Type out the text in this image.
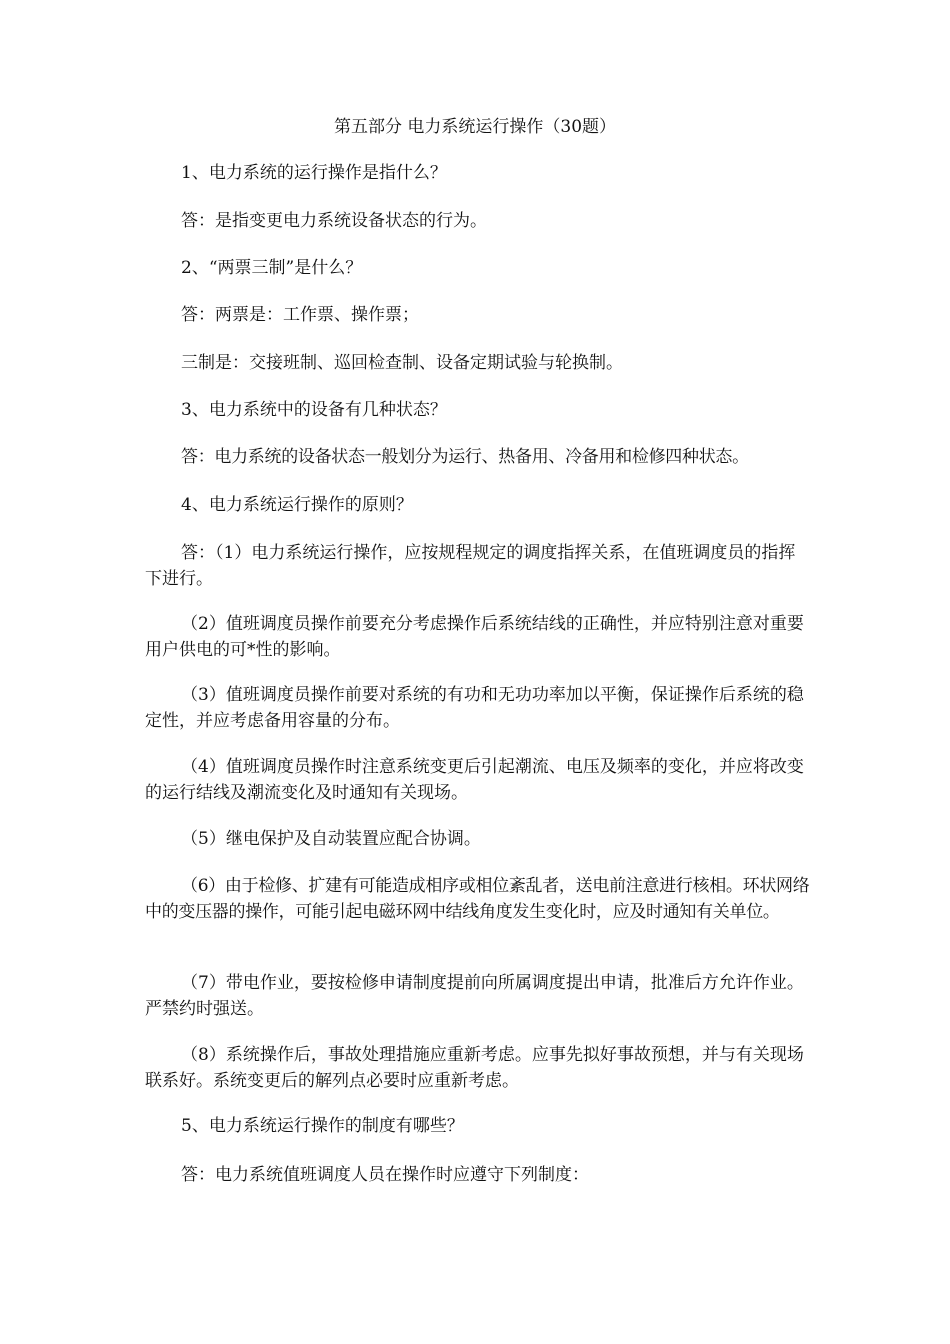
第五部分 电力系统运行操作（30题）
1、电力系统的运行操作是指什么？
答：是指变更电力系统设备状态的行为。
2、“两票三制”是什么？
答：两票是：工作票、操作票；
三制是：交接班制、巡回检查制、设备定期试验与轮换制。
3、电力系统中的设备有几种状态？
答：电力系统的设备状态一般划分为运行、热备用、冷备用和检修四种状态。
4、电力系统运行操作的原则？
答：（1）电力系统运行操作，应按规程规定的调度指挥关系，在值班调度员的指挥下进行。
（2）值班调度员操作前要充分考虑操作后系统结线的正确性，并应特别注意对重要用户供电的可*性的影响。
（3）值班调度员操作前要对系统的有功和无功功率加以平衡，保证操作后系统的稳定性，并应考虑备用容量的分布。
（4）值班调度员操作时注意系统变更后引起潮流、电压及频率的变化，并应将改变的运行结线及潮流变化及时通知有关现场。
（5）继电保护及自动装置应配合协调。
（6）由于检修、扩建有可能造成相序或相位紊乱者，送电前注意进行核相。环状网络中的变压器的操作，可能引起电磁环网中结线角度发生变化时，应及时通知有关单位。
（7）带电作业，要按检修申请制度提前向所属调度提出申请，批准后方允许作业。严禁约时强送。
（8）系统操作后，事故处理措施应重新考虑。应事先拟好事故预想，并与有关现场联系好。系统变更后的解列点必要时应重新考虑。
5、电力系统运行操作的制度有哪些？
答：电力系统值班调度人员在操作时应遵守下列制度：
